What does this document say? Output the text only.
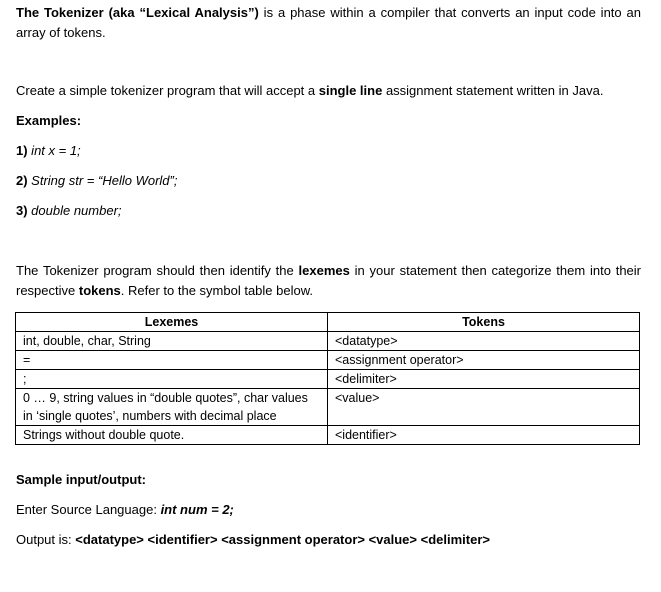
The Tokenizer (aka “Lexical Analysis”) is a phase within a compiler that converts an input code into an array of tokens.

Create a simple tokenizer program that will accept a single line assignment statement written in Java.

Examples:

1) int x = 1;

2) String str = “Hello World”;

3) double number;

The Tokenizer program should then identify the lexemes in your statement then categorize them into their respective tokens. Refer to the symbol table below.

Lexemes	Tokens
int, double, char, String	<datatype>
=	<assignment operator>
;	<delimiter>
0 … 9, string values in “double quotes”, char values in ‘single quotes’, numbers with decimal place	<value>
Strings without double quote.	<identifier>

Sample input/output:

Enter Source Language: int num = 2;

Output is: <datatype> <identifier> <assignment operator> <value> <delimiter>
